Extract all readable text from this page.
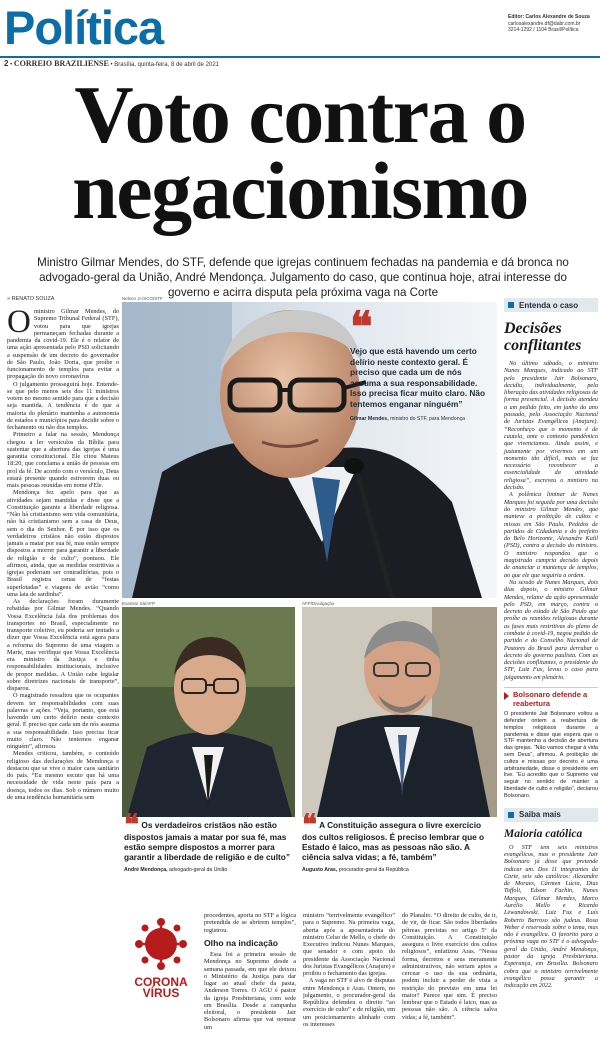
Política	Editor: Carlos Alexandre de Souza
carlosalexandre.df@dabr.com.br
3214-1292 / 1104 Brasil/Política
2 • CORREIO BRAZILIENSE • Brasília, quinta-feira, 8 de abril de 2021
Voto contra o
negacionismo
Ministro Gilmar Mendes, do STF, defende que igrejas continuem fechadas na pandemia e dá bronca no advogado-geral da União, André Mendonça. Julgamento do caso, que continua hoje, atrai interesse do governo e acirra disputa pela próxima vaga na Corte
» RENATO SOUZA
O ministro Gilmar Mendes, do Supremo Tribunal Federal (STF), votou para que igrejas permaneçam fechadas durante a pandemia da covid-19. Ele é o relator de uma ação apresentada pelo PSD solicitando a suspensão de um decreto do governador de São Paulo, João Doria, que proíbe o funcionamento de templos para evitar a propagação do novo coronavírus

O julgamento prosseguirá hoje. Entende-se que pelo menos seis dos 11 ministros votem no mesmo sentido para que a decisão seja mantida. A tendência é de que a maioria do plenário mantenha a autonomia de estados e municípios para decidir sobre o fechamento ou não dos templos.

Primeiro a falar na sessão, Mendonça chegou a ler versículos da Bíblia para sustentar que a abertura das igrejas é uma garantia constitucional. Ele citou Mateus 18:20, que conclama a união de pessoas em prol da fé. De acordo com o versículo, Deus estará presente quando estiverem duas ou mais pessoas reunidas em nome d'Ele.

Mendonça fez apelo para que as atividades sejam mantidas e disse que a Constituição garante a liberdade religiosa. “Não há cristianismo sem vida comunitária, não há cristianismo sem a casa de Deus, sem o dia do Senhor. É por isso que os verdadeiros cristãos não estão dispostos jamais a matar por sua fé, mas estão sempre dispostos a morrer para garantir a liberdade de religião e de culto”, pontuou. Ele afirmou, ainda, que as medidas restritivas a igrejas poderiam ser contraditórias, pois o Brasil registra cenas de “festas superlotadas” e viagens de avião “como uma lata de sardinha”.

As declarações foram duramente rebatidas por Gilmar Mendes. “Quando Vossa Excelência fala dos problemas dos transportes no Brasil, especialmente no transporte coletivo, eu poderia ser tentado a dizer que Vossa Excelência está agora para a reforma do Supremo de uma viagem a Marte, mas verifique que Vossa Excelência era ministro da Justiça e tinha responsabilidades institucionais, inclusive de propor medidas. A União cabe legislar sobre diretrizes nacionais de transporte”, disparou.

O magistrado ressaltou que os ocupantes devem ter responsabilidades com suas palavras e ações. “Veja, portanto, que está havendo um certo delírio neste contexto geral. É preciso que cada um de nós assuma a sua responsabilidade. Isso precisa ficar muito claro. Não tentemos enganar ninguém”, afirmou.

Mendes criticou, também, o conteúdo religioso das declarações de Mendonça e destacou que se vive o maior caos sanitário do país. “Eu mesmo escuto que há uma necessidade de vida neste país para a doença, todos os dias. Sob o número muito de uma tendência humanitária sem

Nelson Jr./SCO/STF
❝
Vejo que está havendo um certo delírio neste contexto geral. É preciso que cada um de nós assuma a sua responsabilidade. Isso precisa ficar muito claro. Não tentemos enganar ninguém”
Gilmar Mendes, ministro do STF, para Mendonça
Evaristo Sá/AFP	AFP/Divulgação
❝ Os verdadeiros cristãos não estão dispostos jamais a matar por sua fé, mas estão sempre dispostos a morrer para garantir a liberdade de religião e de culto”
André Mendonça, advogado-geral da União
❝ A Constituição assegura o livre exercício dos cultos religiosos. É preciso lembrar que o Estado é laico, mas as pessoas não são. A ciência salva vidas; a fé, também”
Augusto Aras, procurador-geral da República
CORONA
VÍRUS

procedentes, aporta no STF a lógica pretendida de se abrirem templos”, registrou.

Olho na indicação

Essa foi a primeira sessão de Mendonça no Supremo desde a semana passada, em que ele deixou o Ministério da Justiça para dar lugar ao atual chefe da pasta, Anderson Torres. O AGU é pastor da igreja Presbiteriana, com sede em Brasília. Desde a campanha eleitoral, o presidente Jair Bolsonaro afirma que vai nomear um

ministro “terrivelmente evangélico” para o Supremo. Na primeira vaga, aberta após a aposentadoria do ministro Celso de Mello, o chefe do Executivo indicou Nunes Marques, que senador e com apoio do presidente da Associação Nacional dos Juristas Evangélicos (Anajure) e proibiu o fechamento das igrejas.

A vaga no STF é alvo de disputas entre Mendonça e Aras. Ontem, no julgamento, o procurador-geral da República defendeu o direito “ao exercício de culto” e de religião, em um posicionamento alinhado com os interesses

do Planalto. “O direito de culto, de ir, de vir, de ficar. São todos liberdades pétreas previstas no artigo 5º da Constituição. A Constituição assegura o livre exercício dos cultos religiosos”, enfatizou Aras. “Nessa forma, decretos e seus meramente administrativos, não seriam aptos a cercear o uso da sua ordinária, podem incluir a perder de vista a restrição do previsto em uma lei maior? Parece que sim. É preciso lembrar que o Estado é laico, mas as pessoas não são. A ciência salva vidas; a fé, também”.

Entenda o caso
Decisões conflitantes

No último sábado, o ministro Nunes Marques, indicado ao STF pelo presidente Jair Bolsonaro, decidiu, individualmente, pela liberação das atividades religiosas de forma presencial. A decisão atendeu a um pedido feito, em junho do ano passado, pela Associação Nacional de Juristas Evangélicos (Anajure). “Reconheço que o momento é de cautela, ante o contexto pandêmico que vivenciamos. Ainda assim, e justamente por vivermos em um momento tão difícil, mais se faz necessário reconhecer a essencialidade da atividade religiosa”, escreveu o ministro na decisão.

A polêmica liminar de Nunes Marques foi seguida por uma decisão do ministro Gilmar Mendes, que manteve a proibição de cultos e missas em São Paulo. Pedidos de partidos de Cidadania e do prefeito do Belo Horizonte, Alexandre Kalil (PSD), contra a decisão do ministro. O ministro respondeu que o magistrado cumpria decisão depois de anunciar a mantença de templos, ao que ele que seguiria a ordem.

Na sessão de Nunes Marques, dois dias depois, o ministro Gilmar Mendes, relator da ação apresentada pelo PSD, em março, contra o decreto do estado de São Paulo que proíbe as reuniões religiosas durante as fases mais restritivas do plano de combate à covid-19, negou pedido de partido e do Conselho Nacional de Pastores do Brasil para derrubar o decreto do governo paulista. Com as decisões conflitantes, o presidente do STF, Luiz Fux, levou o caso para julgamento em plenário.

Bolsonaro defende a reabertura
O presidente Jair Bolsonaro voltou a defender ontem a reabertura de templos religiosos durante a pandemia e disse que espera que o STF mantenha a decisão de abertura das igrejas. “Não vamos chegar à vida sem Deus”, afirmou. A proibição de cultos e missas por decreto é uma arbitrariedade, disse o presidente em live. “Eu acredito que o Supremo vai seguir no sentido de manter a liberdade de culto e religião”, declarou Bolsonaro.
Saiba mais
Maioria católica

O STF tem seis ministros evangélicos, mas o presidente Jair Bolsonaro já disse que pretende indicar um. Dos 11 integrantes da Corte, seis são católicos: Alexandre de Moraes, Cármen Lúcia, Dias Toffoli, Edson Fachin, Nunes Marques, Gilmar Mendes, Marco Aurélio Mello e Ricardo Lewandowski. Luiz Fux e Luís Roberto Barroso são judeus. Rosa Weber é reservada sobre o tema, mas não é evangélica. O favorito para a próxima vaga no STF é o advogado-geral da União, André Mendonça, pastor da igreja Presbiteriana. Esperança, em Brasília. Bolsonaro cobra que o ministro terrivelmente evangélico possa garantir a indicação em 2022.
